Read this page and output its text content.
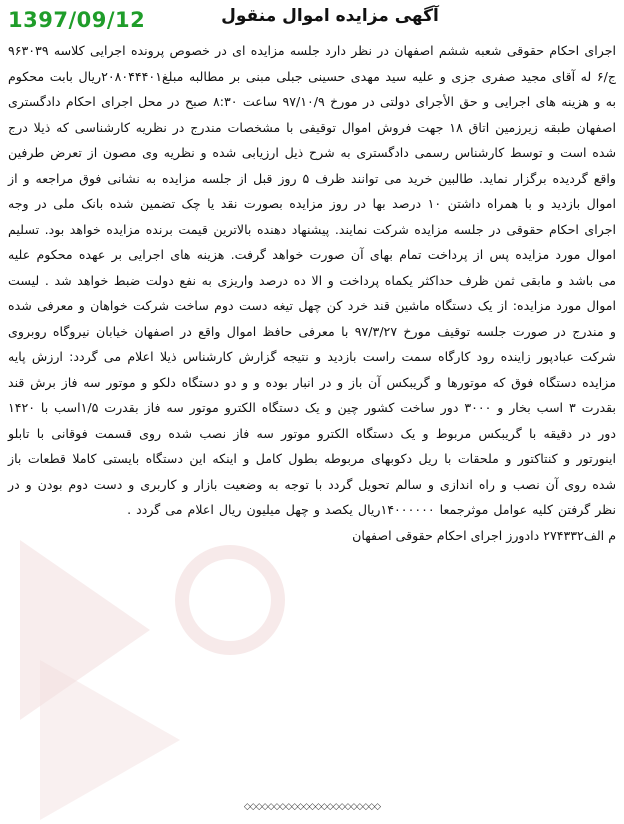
1397/09/12	آگهی مزایده اموال منقول

اجرای احکام حقوقی شعبه ششم اصفهان در نظر دارد جلسه مزایده ای در خصوص پرونده اجرایی کلاسه ۹۶۳۰۳۹ ج/۶ له آقای مجید صفری جزی و علیه سید مهدی حسینی جبلی مبنی بر مطالبه مبلغ۲۰۸۰۴۴۴۰۱ریال بابت محکوم به و هزینه های اجرایی و حق الأجرای دولتی در مورخ ۹۷/۱۰/۹ ساعت ۸:۳۰ صبح در محل اجرای احکام دادگستری اصفهان طبقه زیرزمین اتاق ۱۸ جهت فروش اموال توقیفی با مشخصات مندرج در نظریه کارشناسی که ذیلا درج شده است و توسط کارشناس رسمی دادگستری به شرح ذیل ارزیابی شده و نظریه وی مصون از تعرض طرفین واقع گردیده برگزار نماید. طالبین خرید می توانند ظرف ۵ روز قبل از جلسه مزایده به نشانی فوق مراجعه و از اموال بازدید و با همراه داشتن ۱۰ درصد بها در روز مزایده بصورت نقد یا چک تضمین شده بانک ملی در وجه اجرای احکام حقوقی در جلسه مزایده شرکت نمایند. پیشنهاد دهنده بالاترین قیمت برنده مزایده خواهد بود. تسلیم اموال مورد مزایده پس از پرداخت تمام بهای آن صورت خواهد گرفت. هزینه های اجرایی بر عهده محکوم علیه می باشد و مابقی ثمن ظرف حداکثر یکماه پرداخت و الا ده درصد واریزی به نفع دولت ضبط خواهد شد . لیست اموال مورد مزایده: از یک دستگاه ماشین قند خرد کن چهل تیغه دست دوم ساخت شرکت خواهان و معرفی شده و مندرج در صورت جلسه توقیف مورخ ۹۷/۳/۲۷ با معرفی حافظ اموال واقع در اصفهان خیابان نیروگاه روبروی شرکت عبادپور زاینده رود کارگاه سمت راست بازدید و نتیجه گزارش کارشناس ذیلا اعلام می گردد: ارزش پایه مزایده دستگاه فوق که موتورها و گریبکس آن باز و در انبار بوده و و دو دستگاه دلکو و موتور سه فاز برش قند بقدرت ۳ اسب بخار و ۳۰۰۰ دور ساخت کشور چین و یک دستگاه الکترو موتور سه فاز بقدرت ۱/۵اسب با ۱۴۲۰ دور در دقیقه با گریبکس مربوط و یک دستگاه الکترو موتور سه فاز نصب شده روی قسمت فوقانی با تابلو اینورتور و کنتاکتور و ملحقات با ریل دکوبهای مربوطه بطول کامل و اینکه این دستگاه بایستی کاملا قطعات باز شده روی آن نصب و راه اندازی و سالم تحویل گردد با توجه به وضعیت بازار و کاربری و دست دوم بودن و در نظر گرفتن کلیه عوامل موثرجمعا ۱۴۰۰۰۰۰۰ریال یکصد و چهل میلیون ریال اعلام می گردد .

م الف۲۷۴۳۳۲ دادورز اجرای احکام حقوقی اصفهان

◇◇◇◇◇◇◇◇◇◇◇◇◇◇◇◇◇◇◇◇◇◇◇
